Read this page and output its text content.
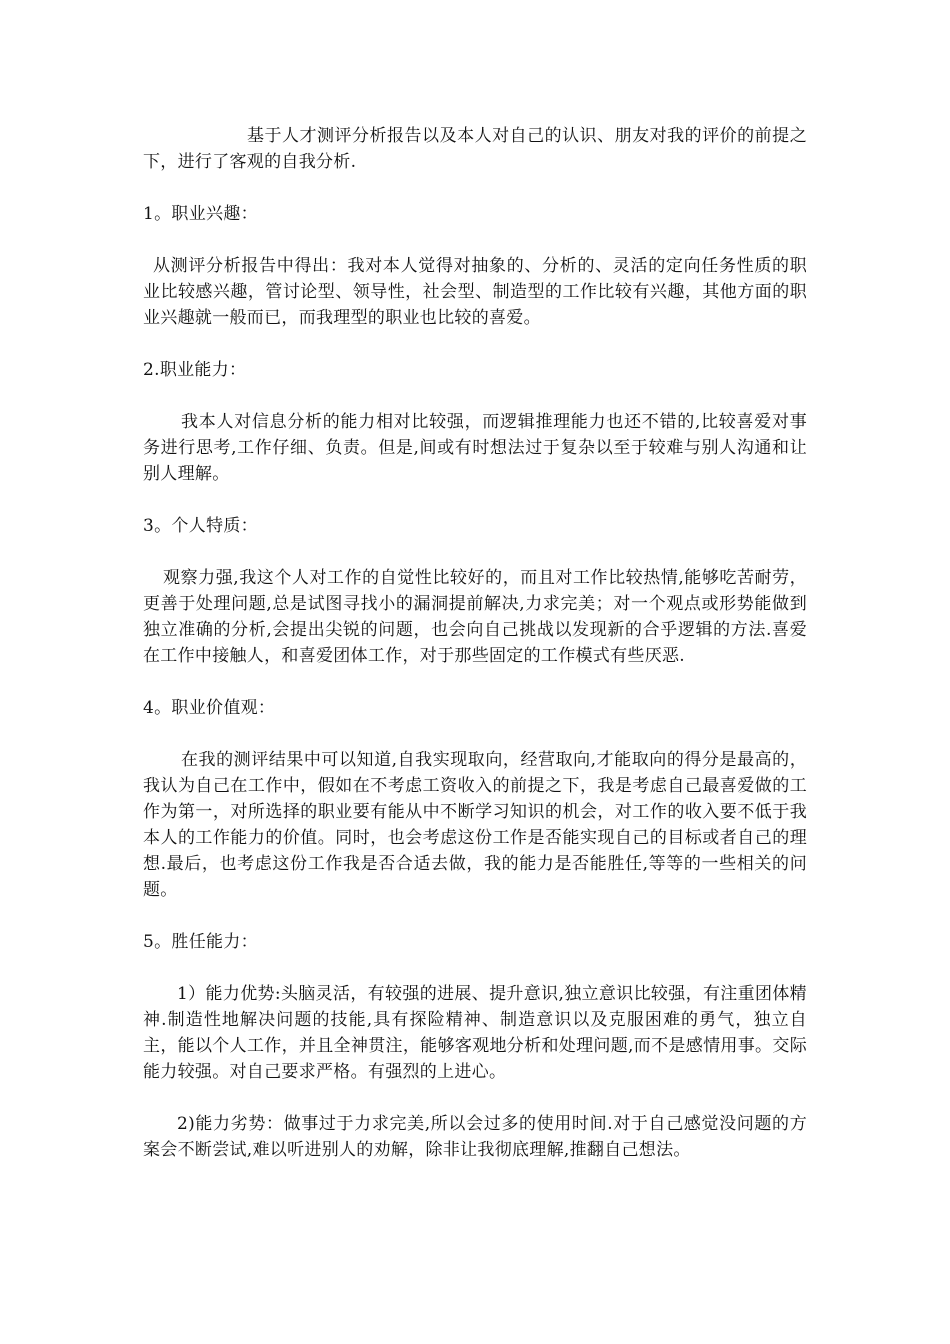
基于人才测评分析报告以及本人对自己的认识、朋友对我的评价的前提之下，进行了客观的自我分析.

1。职业兴趣：

从测评分析报告中得出：我对本人觉得对抽象的、分析的、灵活的定向任务性质的职业比较感兴趣，管讨论型、领导性，社会型、制造型的工作比较有兴趣，其他方面的职业兴趣就一般而已，而我理型的职业也比较的喜爱。

2.职业能力：

我本人对信息分析的能力相对比较强，而逻辑推理能力也还不错的,比较喜爱对事务进行思考,工作仔细、负责。但是,间或有时想法过于复杂以至于较难与别人沟通和让别人理解。

3。个人特质：

观察力强,我这个人对工作的自觉性比较好的，而且对工作比较热情,能够吃苦耐劳，更善于处理问题,总是试图寻找小的漏洞提前解决,力求完美；对一个观点或形势能做到独立准确的分析,会提出尖锐的问题，也会向自己挑战以发现新的合乎逻辑的方法.喜爱在工作中接触人，和喜爱团体工作，对于那些固定的工作模式有些厌恶.

4。职业价值观：

在我的测评结果中可以知道,自我实现取向，经营取向,才能取向的得分是最高的，我认为自己在工作中，假如在不考虑工资收入的前提之下，我是考虑自己最喜爱做的工作为第一，对所选择的职业要有能从中不断学习知识的机会，对工作的收入要不低于我本人的工作能力的价值。同时，也会考虑这份工作是否能实现自己的目标或者自己的理想.最后，也考虑这份工作我是否合适去做，我的能力是否能胜任,等等的一些相关的问题。

5。胜任能力：

1）能力优势:头脑灵活，有较强的进展、提升意识,独立意识比较强，有注重团体精神.制造性地解决问题的技能,具有探险精神、制造意识以及克服困难的勇气，独立自主，能以个人工作，并且全神贯注，能够客观地分析和处理问题,而不是感情用事。交际能力较强。对自己要求严格。有强烈的上进心。

2)能力劣势：做事过于力求完美,所以会过多的使用时间.对于自己感觉没问题的方案会不断尝试,难以听进别人的劝解，除非让我彻底理解,推翻自己想法。
